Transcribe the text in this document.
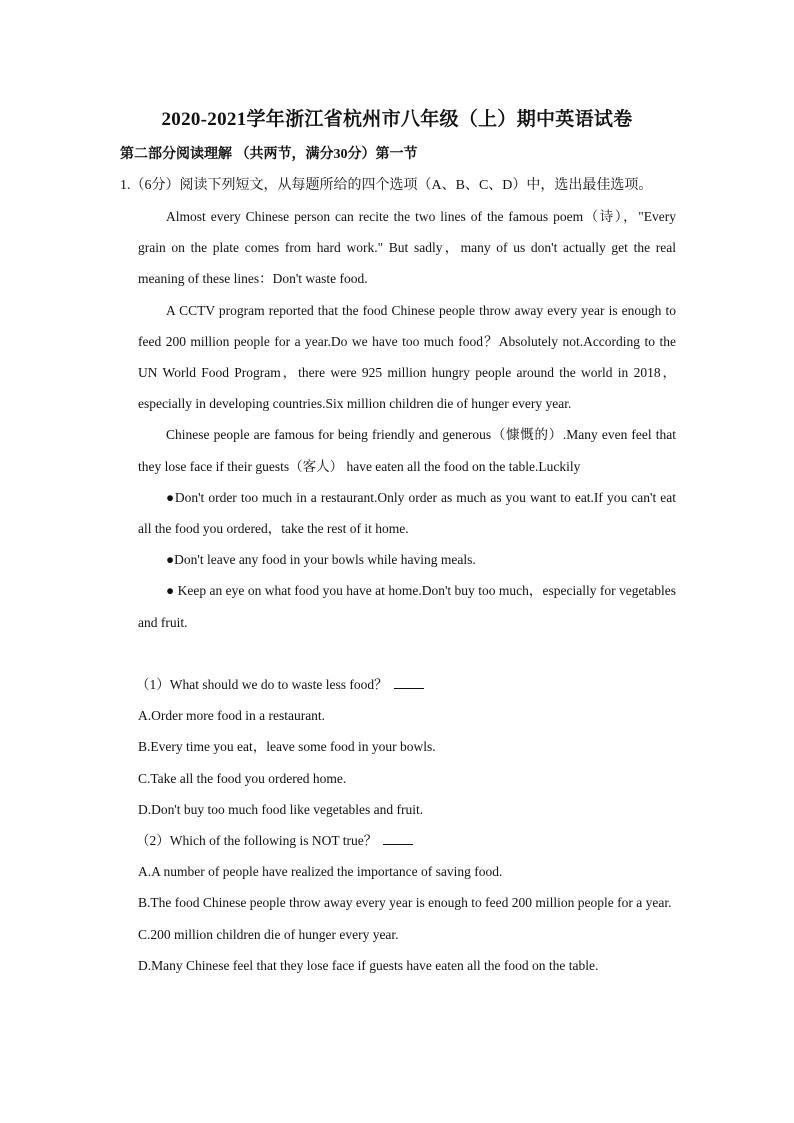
2020-2021学年浙江省杭州市八年级（上）期中英语试卷
第二部分阅读理解 （共两节，满分30分）第一节
1.（6分）阅读下列短文，从每题所给的四个选项（A、B、C、D）中，选出最佳选项。

Almost every Chinese person can recite the two lines of the famous poem（诗），"Every grain on the plate comes from hard work." But sadly，many of us don't actually get the real meaning of these lines：Don't waste food.

A CCTV program reported that the food Chinese people throw away every year is enough to feed 200 million people for a year.Do we have too much food？Absolutely not.According to the UN World Food Program，there were 925 million hungry people around the world in 2018，especially in developing countries.Six million children die of hunger every year.

Chinese people are famous for being friendly and generous（慷慨的）.Many even feel that they lose face if their guests（客人） have eaten all the food on the table.Luckily

●Don't order too much in a restaurant.Only order as much as you want to eat.If you can't eat all the food you ordered，take the rest of it home.

●Don't leave any food in your bowls while having meals.

● Keep an eye on what food you have at home.Don't buy too much，especially for vegetables and fruit.

（1）What should we do to waste less food？

A.Order more food in a restaurant.

B.Every time you eat，leave some food in your bowls.

C.Take all the food you ordered home.

D.Don't buy too much food like vegetables and fruit.

（2）Which of the following is NOT true？

A.A number of people have realized the importance of saving food.

B.The food Chinese people throw away every year is enough to feed 200 million people for a year.

C.200 million children die of hunger every year.

D.Many Chinese feel that they lose face if guests have eaten all the food on the table.
